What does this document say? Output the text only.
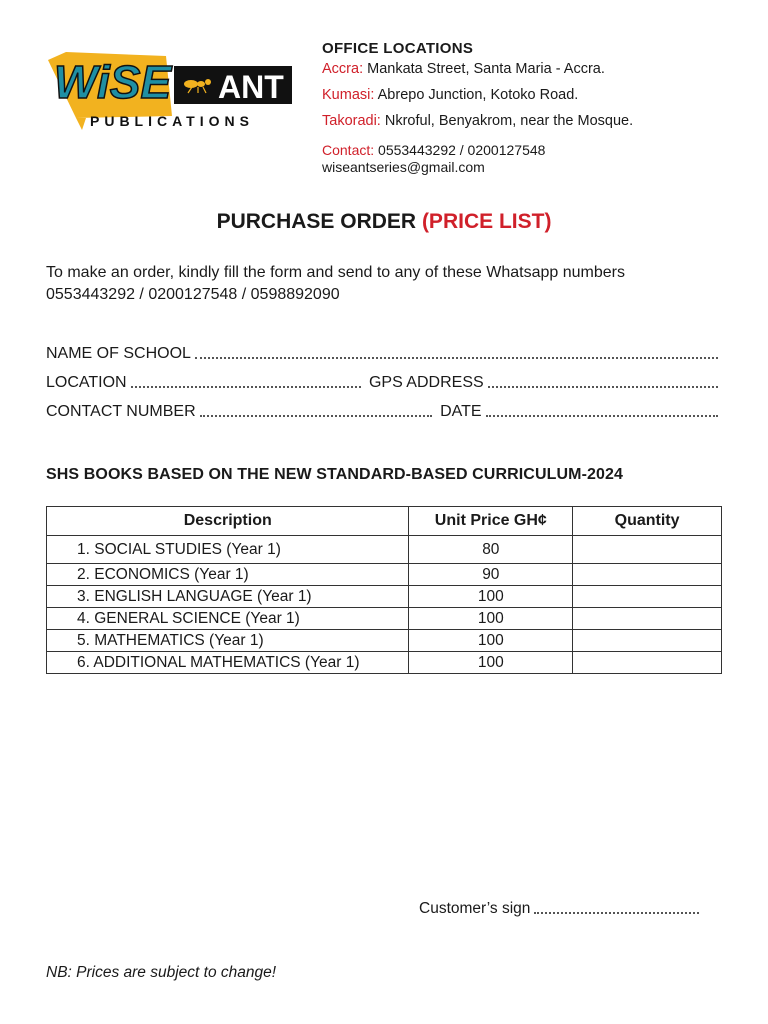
WiSE ANT
PUBLICATIONS
OFFICE LOCATIONS
Accra: Mankata Street, Santa Maria - Accra.
Kumasi: Abrepo Junction, Kotoko Road.
Takoradi: Nkroful, Benyakrom, near the Mosque.
Contact: 0553443292 / 0200127548
wiseantseries@gmail.com
PURCHASE ORDER (PRICE LIST)
To make an order, kindly fill the form and send to any of these Whatsapp numbers
0553443292 / 0200127548 / 0598892090
NAME OF SCHOOL
LOCATION	GPS ADDRESS
CONTACT NUMBER	DATE
SHS BOOKS BASED ON THE NEW STANDARD-BASED CURRICULUM-2024
Description	Unit Price GH¢	Quantity
1. SOCIAL STUDIES (Year 1)	80	
2. ECONOMICS (Year 1)	90	
3. ENGLISH LANGUAGE (Year 1)	100	
4. GENERAL SCIENCE (Year 1)	100	
5. MATHEMATICS (Year 1)	100	
6. ADDITIONAL MATHEMATICS (Year 1)	100	
Customer’s sign
NB: Prices are subject to change!
